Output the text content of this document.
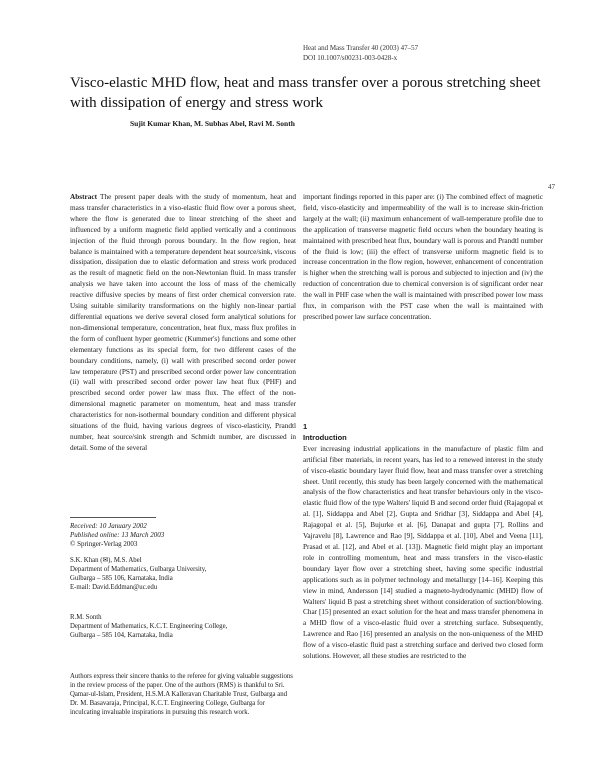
Heat and Mass Transfer 40 (2003) 47–57
DOI 10.1007/s00231-003-0428-x
Visco-elastic MHD flow, heat and mass transfer over a porous stretching sheet with dissipation of energy and stress work
Sujit Kumar Khan, M. Subhas Abel, Ravi M. Sonth
47

Abstract The present paper deals with the study of momentum, heat and mass transfer characteristics in a viso-elastic fluid flow over a porous sheet, where the flow is generated due to linear stretching of the sheet and influenced by a uniform magnetic field applied vertically and a continuous injection of the fluid through porous boundary. In the flow region, heat balance is maintained with a temperature dependent heat source/sink, viscous dissipation, dissipation due to elastic deformation and stress work produced as the result of magnetic field on the non-Newtonian fluid. In mass transfer analysis we have taken into account the loss of mass of the chemically reactive diffusive species by means of first order chemical conversion rate. Using suitable similarity transformations on the highly non-linear partial differential equations we derive several closed form analytical solutions for non-dimensional temperature, concentration, heat flux, mass flux profiles in the form of confluent hyper geometric (Kummer's) functions and some other elementary functions as its special form, for two different cases of the boundary conditions, namely, (i) wall with prescribed second order power law temperature (PST) and prescribed second order power law concentration (ii) wall with prescribed second order power law heat flux (PHF) and prescribed second order power law mass flux. The effect of the non-dimensional magnetic parameter on momentum, heat and mass transfer characteristics for non-isothermal boundary condition and different physical situations of the fluid, having various degrees of visco-elasticity, Prandtl number, heat source/sink strength and Schmidt number, are discussed in detail. Some of the several

important findings reported in this paper are: (i) The combined effect of magnetic field, visco-elasticity and impermeability of the wall is to increase skin-friction largely at the wall; (ii) maximum enhancement of wall-temperature profile due to the application of transverse magnetic field occurs when the boundary heating is maintained with prescribed heat flux, boundary wall is porous and Prandtl number of the fluid is low; (iii) the effect of transverse uniform magnetic field is to increase concentration in the flow region, however, enhancement of concentration is higher when the stretching wall is porous and subjected to injection and (iv) the reduction of concentration due to chemical conversion is of significant order near the wall in PHF case when the wall is maintained with prescribed power low mass flux, in comparison with the PST case when the wall is maintained with prescribed power law surface concentration.

1
Introduction

Ever increasing industrial applications in the manufacture of plastic film and artificial fiber materials, in recent years, has led to a renewed interest in the study of visco-elastic boundary layer fluid flow, heat and mass transfer over a stretching sheet. Until recently, this study has been largely concerned with the mathematical analysis of the flow characteristics and heat transfer behaviours only in the visco-elastic fluid flow of the type Walters' liquid B and second order fluid (Rajagopal et al. [1], Siddappa and Abel [2], Gupta and Sridhar [3], Siddappa and Abel [4], Rajagopal et al. [5], Bujurke et al. [6], Danapat and gupta [7], Rollins and Vajravelu [8], Lawrence and Rao [9], Siddappa et al. [10], Abel and Veena [11], Prasad et al. [12], and Abel et al. [13]). Magnetic field might play an important role in controlling momentum, heat and mass transfers in the visco-elastic boundary layer flow over a stretching sheet, having some specific industrial applications such as in polymer technology and metallurgy [14–16]. Keeping this view in mind, Andersson [14] studied a magneto-hydrodynamic (MHD) flow of Walters' liquid B past a stretching sheet without consideration of suction/blowing. Char [15] presented an exact solution for the heat and mass transfer phenomena in a MHD flow of a visco-elastic fluid over a stretching surface. Subsequently, Lawrence and Rao [16] presented an analysis on the non-uniqueness of the MHD flow of a visco-elastic fluid past a stretching surface and derived two closed form solutions. However, all these studies are restricted to the

Received: 10 January 2002
Published online: 13 March 2003
© Springer-Verlag 2003
S.K. Khan (✉), M.S. Abel
Department of Mathematics, Gulbarga University,
Gulbarga – 585 106, Karnataka, India
E-mail: David.Eddman@uc.edu
R.M. Sonth
Department of Mathematics, K.C.T. Engineering College,
Gulbarga – 585 104, Karnataka, India
Authors express their sincere thanks to the referee for giving valuable suggestions in the review process of the paper. One of the authors (RMS) is thankful to Sri. Qamar-ul-Islam, President, H.S.M.A Kalleravan Charitable Trust, Gulbarga and Dr. M. Basavaraja, Principal, K.C.T. Engineering College, Gulbarga for inculcating invaluable inspirations in pursuing this research work.
